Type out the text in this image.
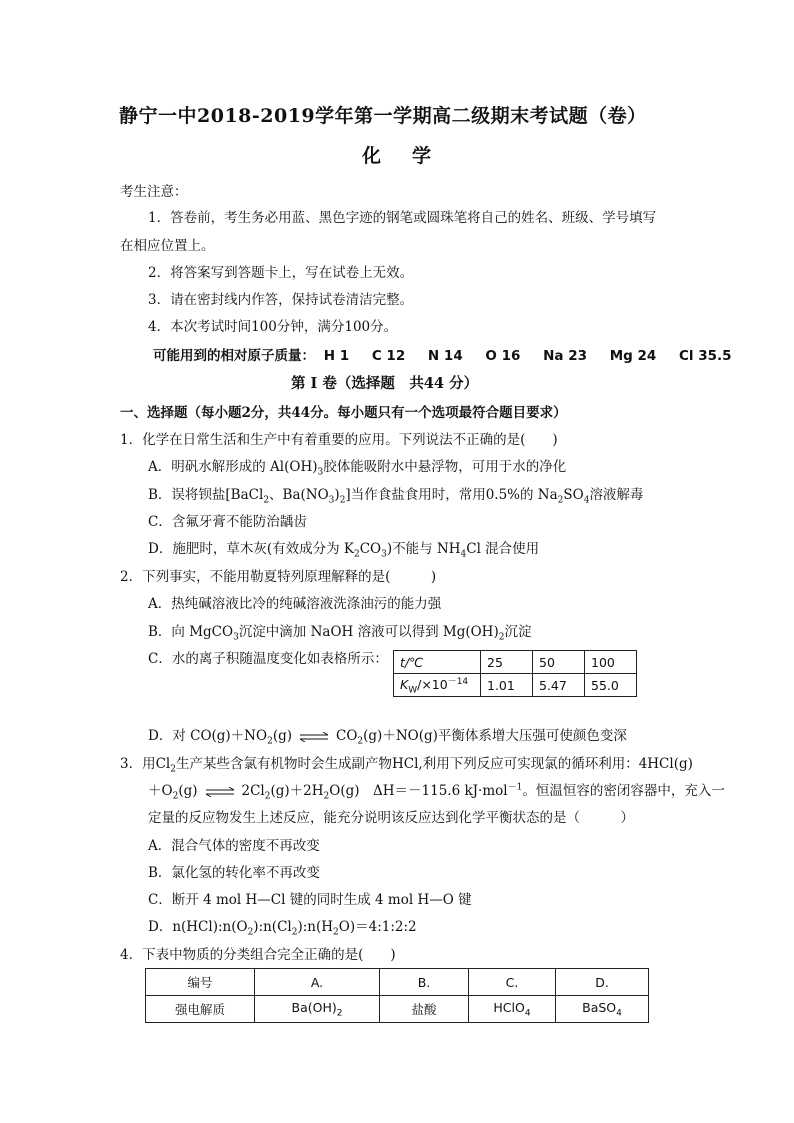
静宁一中2018-2019学年第一学期高二级期末考试题（卷）
化 学
考生注意：
1．答卷前，考生务必用蓝、黑色字迹的钢笔或圆珠笔将自己的姓名、班级、学号填写
在相应位置上。
2．将答案写到答题卡上，写在试卷上无效。
3．请在密封线内作答，保持试卷清洁完整。
4．本次考试时间100分钟，满分100分。
可能用到的相对原子质量： H 1 C 12 N 14 O 16 Na 23 Mg 24 Cl 35.5
第 I 卷（选择题　共44 分）
一、选择题（每小题2分，共44分。每小题只有一个选项最符合题目要求）
1．化学在日常生活和生产中有着重要的应用。下列说法不正确的是(　　)
A．明矾水解形成的 $Al(OH)_3$胶体能吸附水中悬浮物，可用于水的净化
B．误将钡盐[BaCl$_2$、$Ba(NO_3)_2$]当作食盐食用时，常用0.5%的 $Na_2SO_4$溶液解毒
C．含氟牙膏不能防治龋齿
D．施肥时，草木灰(有效成分为 $K_2CO_3$)不能与 $NH_4Cl$ 混合使用
2．下列事实，不能用勒夏特列原理解释的是(　　　)
A．热纯碱溶液比冷的纯碱溶液洗涤油污的能力强
B．向 MgCO$_3$沉淀中滴加 NaOH 溶液可以得到 $Mg(OH)_2$沉淀
C．水的离子积随温度变化如表格所示： t/℃	25	50	100
$K_W/\times 10^{-14}$	1.01	5.47	55.0
D．对 $CO(g)+NO_2(g)$ ⇌ $CO_2(g)+NO(g)$平衡体系增大压强可使颜色变深
3．用$Cl_2$生产某些含氯有机物时会生成副产物HCl,利用下列反应可实现氯的循环利用：4HCl(g)
$+O_2(g)$ ⇌ $2Cl_2(g)+2H_2O(g)$　ΔH＝－115.6 kJ·mol$^{-1}$。恒温恒容的密闭容器中，充入一
定量的反应物发生上述反应，能充分说明该反应达到化学平衡状态的是（　　　）
A．混合气体的密度不再改变
B．氯化氢的转化率不再改变
C．断开 4 mol H—Cl 键的同时生成 4 mol H—O 键
D．$n(HCl):n(O_2):n(Cl_2):n(H_2O)=4:1:2:2$
4．下表中物质的分类组合完全正确的是(　　)
编号	A.	B.	C.	D.
强电解质	$Ba(OH)_2$	盐酸	HClO$_4$	BaSO$_4$
